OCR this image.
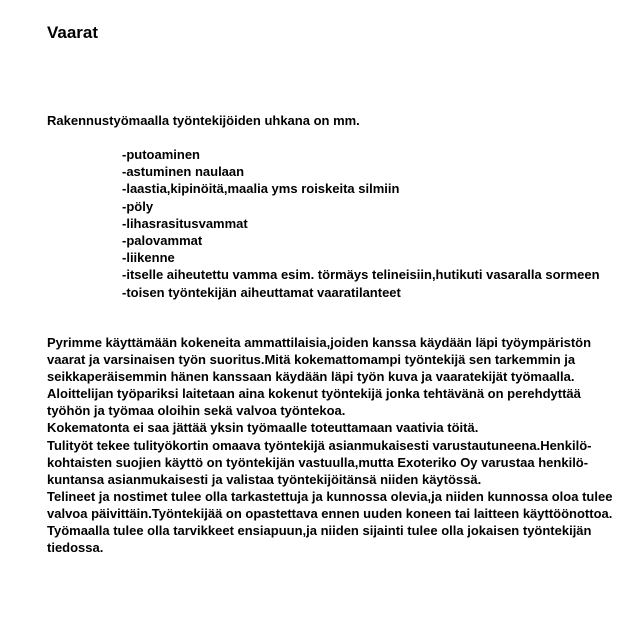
Vaarat

Rakennustyömaalla työntekijöiden uhkana on mm.

-putoaminen
-astuminen naulaan
-laastia,kipinöitä,maalia yms roiskeita silmiin
-pöly
-lihasrasitusvammat
-palovammat
-liikenne
-itselle aiheutettu vamma esim. törmäys telineisiin,hutikuti vasaralla sormeen
-toisen työntekijän aiheuttamat vaaratilanteet

Pyrimme käyttämään kokeneita ammattilaisia,joiden kanssa käydään läpi työympäristön
vaarat ja varsinaisen työn suoritus.Mitä kokemattomampi työntekijä sen tarkemmin ja
seikkaperäisemmin hänen kanssaan käydään läpi työn kuva ja vaaratekijät työmaalla.
Aloittelijan työpariksi laitetaan aina kokenut työntekijä jonka tehtävänä on perehdyttää
työhön ja työmaa oloihin sekä valvoa työntekoa.
Kokematonta ei saa jättää yksin työmaalle toteuttamaan vaativia töitä.
Tulityöt tekee tulityökortin omaava työntekijä asianmukaisesti varustautuneena.Henkilö-
kohtaisten suojien käyttö on työntekijän vastuulla,mutta Exoteriko Oy varustaa henkilö-
kuntansa asianmukaisesti ja valistaa työntekijöitänsä niiden käytössä.
Telineet ja nostimet tulee olla tarkastettuja ja kunnossa olevia,ja niiden kunnossa oloa tulee
valvoa päivittäin.Työntekijää on opastettava ennen uuden koneen tai laitteen käyttöönottoa.
Työmaalla tulee olla tarvikkeet ensiapuun,ja niiden sijainti tulee olla jokaisen työntekijän
tiedossa.
